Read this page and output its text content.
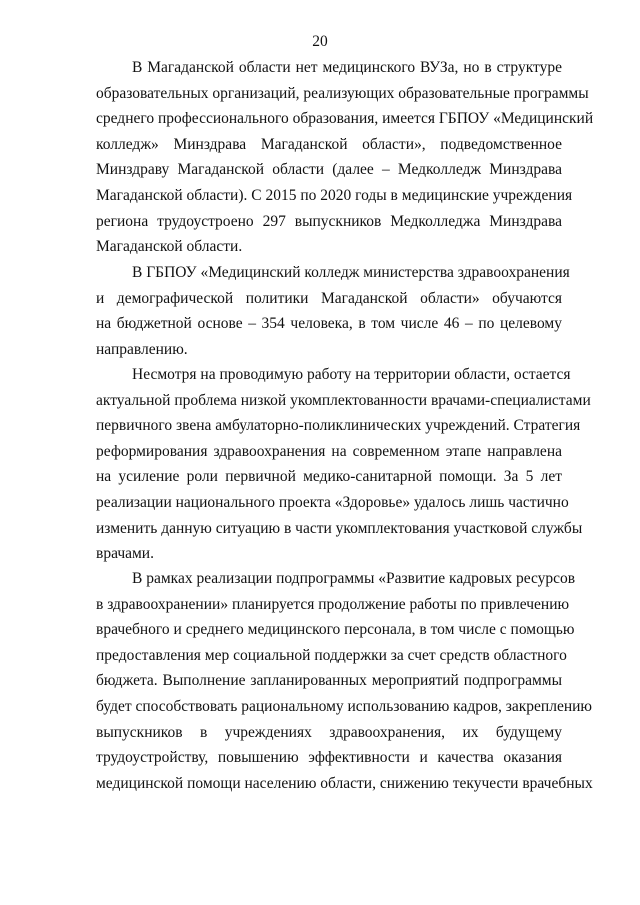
20
В Магаданской области нет медицинского ВУЗа, но в структуре
образовательных организаций, реализующих образовательные программы
среднего профессионального образования, имеется ГБПОУ «Медицинский
колледж» Минздрава Магаданской области», подведомственное
Минздраву Магаданской области (далее – Медколледж Минздрава
Магаданской области). С 2015 по 2020 годы в медицинские учреждения
региона трудоустроено 297 выпускников Медколледжа Минздрава
Магаданской области.
В ГБПОУ «Медицинский колледж министерства здравоохранения
и демографической политики Магаданской области» обучаются
на бюджетной основе – 354 человека, в том числе 46 – по целевому
направлению.
Несмотря на проводимую работу на территории области, остается
актуальной проблема низкой укомплектованности врачами-специалистами
первичного звена амбулаторно-поликлинических учреждений. Стратегия
реформирования здравоохранения на современном этапе направлена
на усиление роли первичной медико-санитарной помощи. За 5 лет
реализации национального проекта «Здоровье» удалось лишь частично
изменить данную ситуацию в части укомплектования участковой службы
врачами.
В рамках реализации подпрограммы «Развитие кадровых ресурсов
в здравоохранении» планируется продолжение работы по привлечению
врачебного и среднего медицинского персонала, в том числе с помощью
предоставления мер социальной поддержки за счет средств областного
бюджета. Выполнение запланированных мероприятий подпрограммы
будет способствовать рациональному использованию кадров, закреплению
выпускников в учреждениях здравоохранения, их будущему
трудоустройству, повышению эффективности и качества оказания
медицинской помощи населению области, снижению текучести врачебных
